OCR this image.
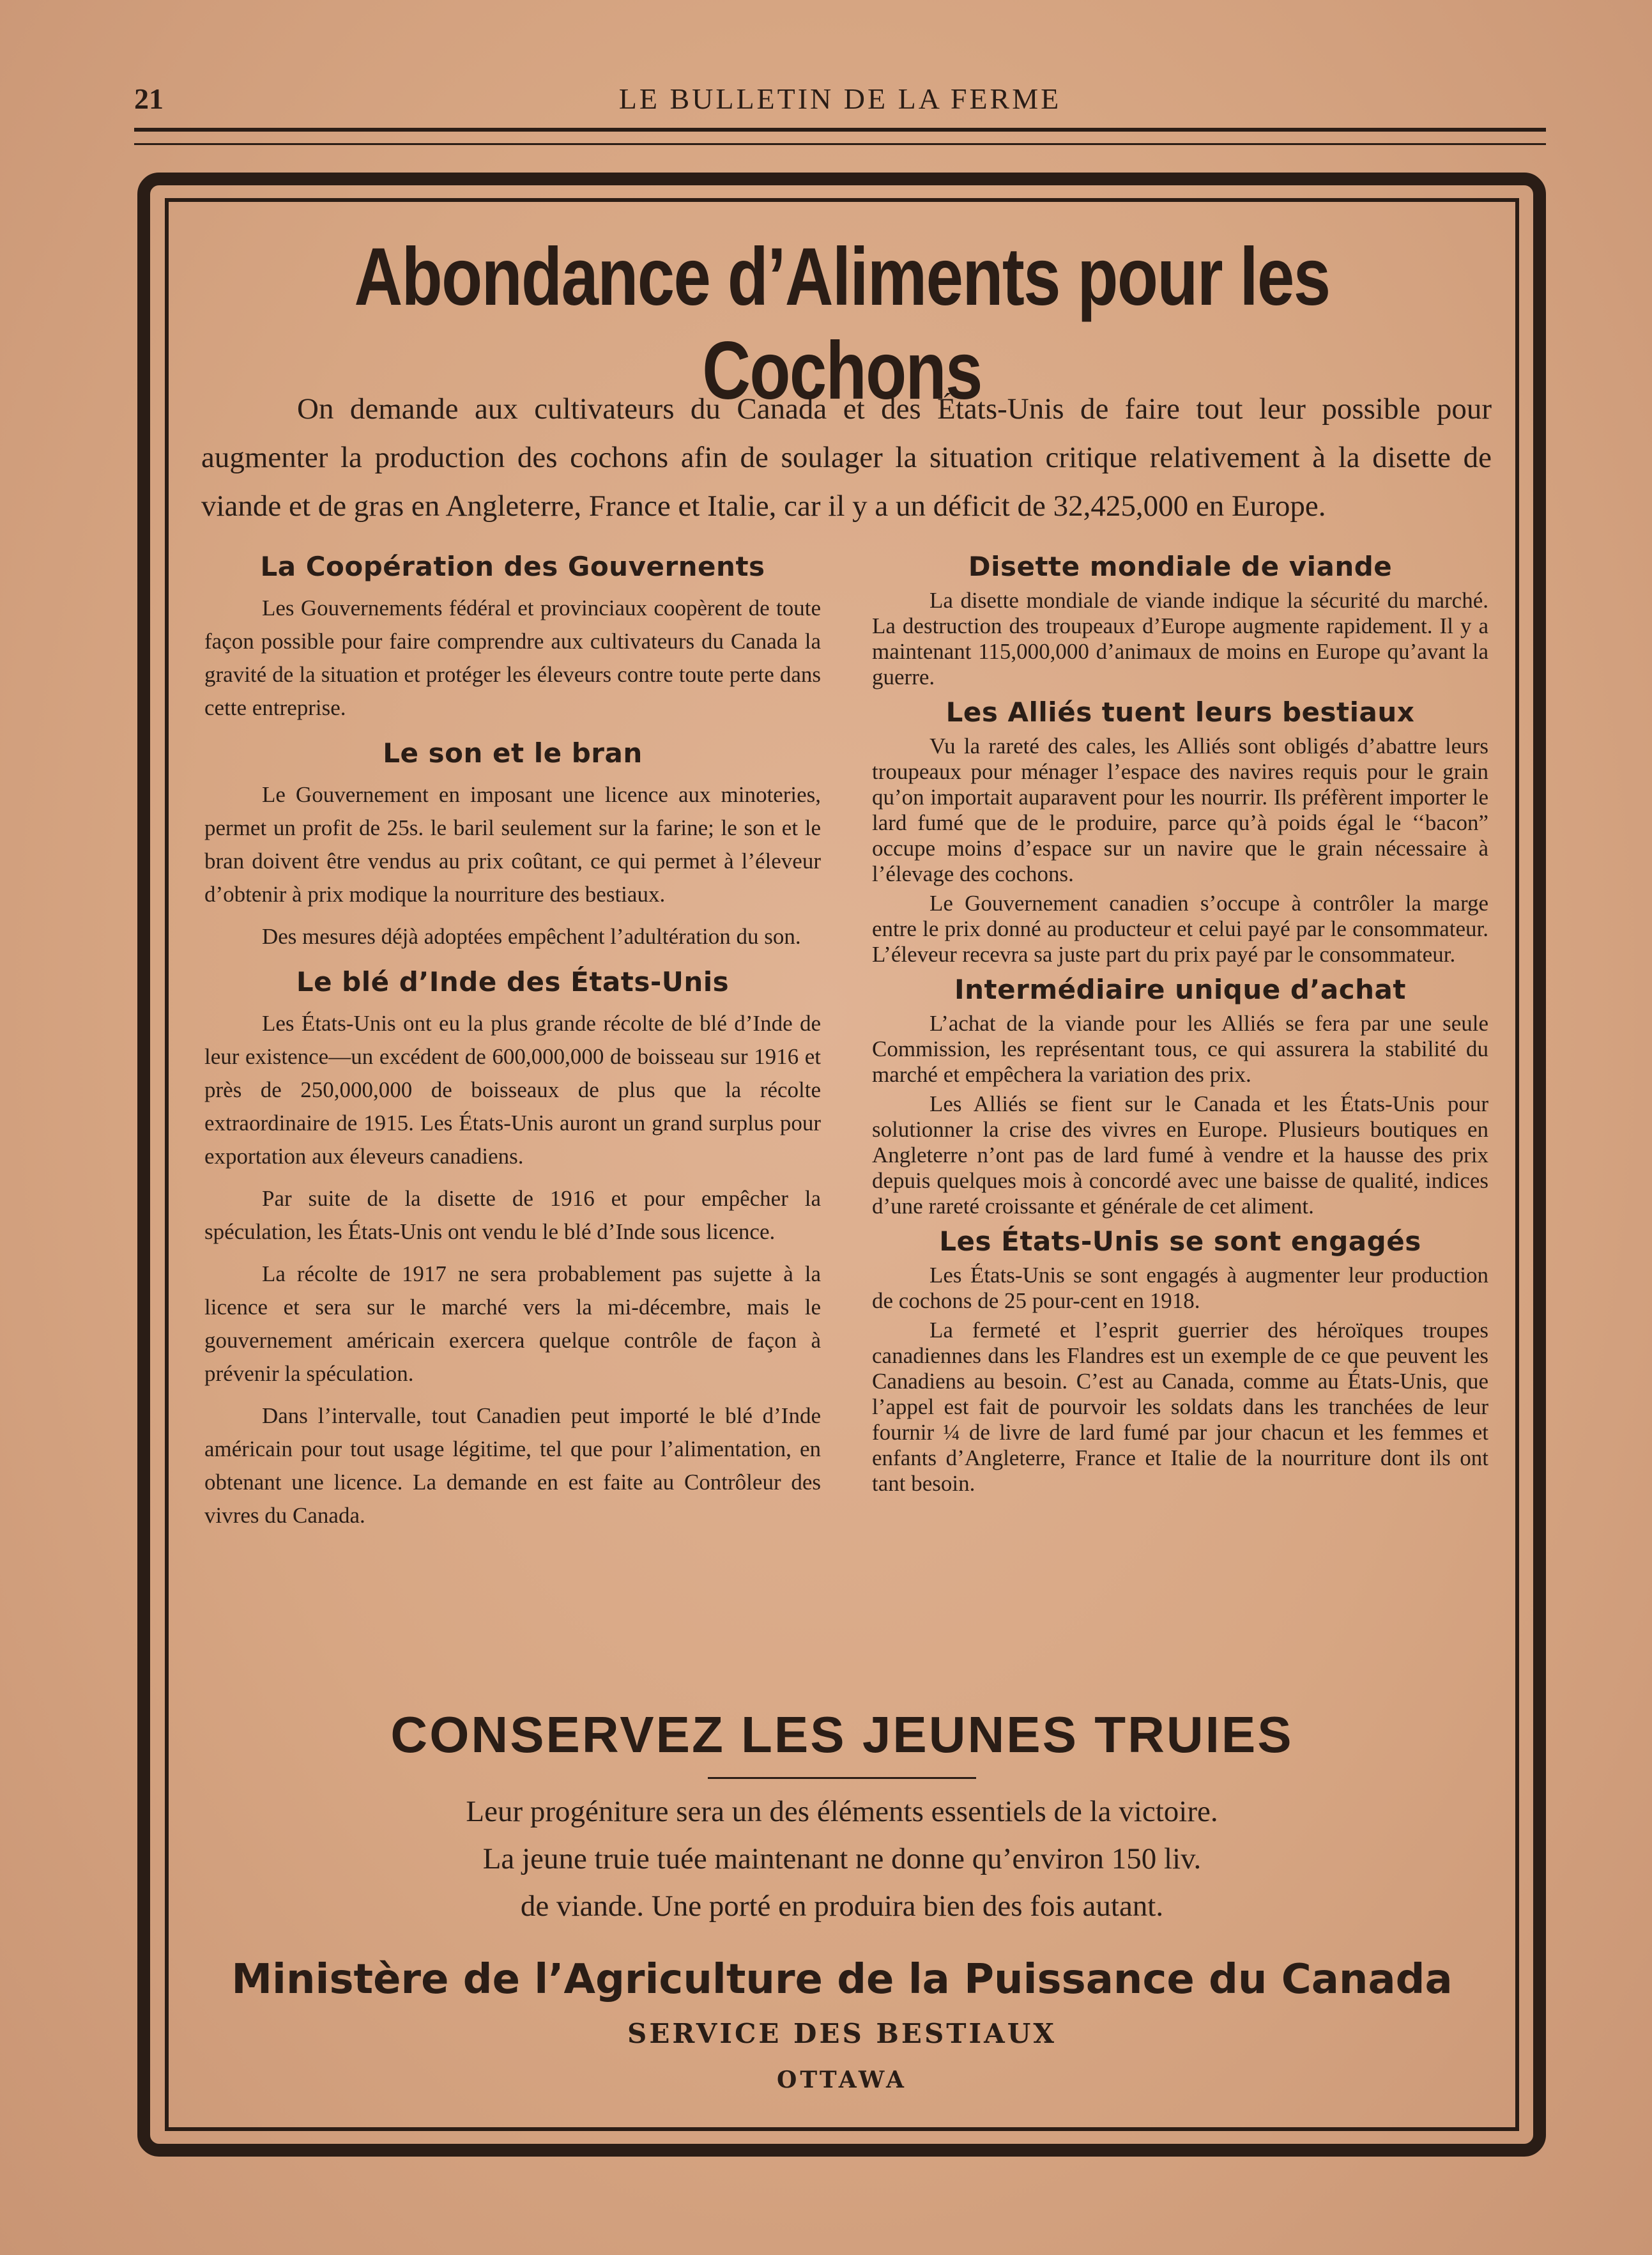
21	LE BULLETIN DE LA FERME
Abondance d’Aliments pour les Cochons

On demande aux cultivateurs du Canada et des États-Unis de faire tout leur possible pour augmenter la production des cochons afin de soulager la situation critique relativement à la disette de viande et de gras en Angleterre, France et Italie, car il y a un déficit de 32,425,000 en Europe.

La Coopération des Gouvernents

Les Gouvernements fédéral et provinciaux coopèrent de toute façon possible pour faire comprendre aux cultivateurs du Canada la gravité de la situation et protéger les éleveurs contre toute perte dans cette entreprise.

Le son et le bran

Le Gouvernement en imposant une licence aux minoteries, permet un profit de 25s. le baril seulement sur la farine; le son et le bran doivent être vendus au prix coûtant, ce qui permet à l’éleveur d’obtenir à prix modique la nourriture des bestiaux.

Des mesures déjà adoptées empêchent l’adultération du son.

Le blé d’Inde des États-Unis

Les États-Unis ont eu la plus grande récolte de blé d’Inde de leur existence—un excédent de 600,000,000 de boisseau sur 1916 et près de 250,000,000 de boisseaux de plus que la récolte extraordinaire de 1915. Les États-Unis auront un grand surplus pour exportation aux éleveurs canadiens.

Par suite de la disette de 1916 et pour empêcher la spéculation, les États-Unis ont vendu le blé d’Inde sous licence.

La récolte de 1917 ne sera probablement pas sujette à la licence et sera sur le marché vers la mi-décembre, mais le gouvernement américain exercera quelque contrôle de façon à prévenir la spéculation.

Dans l’intervalle, tout Canadien peut importé le blé d’Inde américain pour tout usage légitime, tel que pour l’alimentation, en obtenant une licence. La demande en est faite au Contrôleur des vivres du Canada.

Disette mondiale de viande

La disette mondiale de viande indique la sécurité du marché. La destruction des troupeaux d’Europe augmente rapidement. Il y a maintenant 115,000,000 d’animaux de moins en Europe qu’avant la guerre.

Les Alliés tuent leurs bestiaux

Vu la rareté des cales, les Alliés sont obligés d’abattre leurs troupeaux pour ménager l’espace des navires requis pour le grain qu’on importait auparavent pour les nourrir. Ils préfèrent importer le lard fumé que de le produire, parce qu’à poids égal le ‘‘bacon” occupe moins d’espace sur un navire que le grain nécessaire à l’élevage des cochons.

Le Gouvernement canadien s’occupe à contrôler la marge entre le prix donné au producteur et celui payé par le consommateur. L’éleveur recevra sa juste part du prix payé par le consommateur.

Intermédiaire unique d’achat

L’achat de la viande pour les Alliés se fera par une seule Commission, les représentant tous, ce qui assurera la stabilité du marché et empêchera la variation des prix.

Les Alliés se fient sur le Canada et les États-Unis pour solutionner la crise des vivres en Europe. Plusieurs boutiques en Angleterre n’ont pas de lard fumé à vendre et la hausse des prix depuis quelques mois à concordé avec une baisse de qualité, indices d’une rareté croissante et générale de cet aliment.

Les États-Unis se sont engagés

Les États-Unis se sont engagés à augmenter leur production de cochons de 25 pour-cent en 1918.

La fermeté et l’esprit guerrier des héroïques troupes canadiennes dans les Flandres est un exemple de ce que peuvent les Canadiens au besoin. C’est au Canada, comme au États-Unis, que l’appel est fait de pourvoir les soldats dans les tranchées de leur fournir ¼ de livre de lard fumé par jour chacun et les femmes et enfants d’Angleterre, France et Italie de la nourriture dont ils ont tant besoin.

CONSERVEZ LES JEUNES TRUIES

Leur progéniture sera un des éléments essentiels de la victoire.

La jeune truie tuée maintenant ne donne qu’environ 150 liv.

de viande. Une porté en produira bien des fois autant.

Ministère de l’Agriculture de la Puissance du Canada

SERVICE DES BESTIAUX

OTTAWA
